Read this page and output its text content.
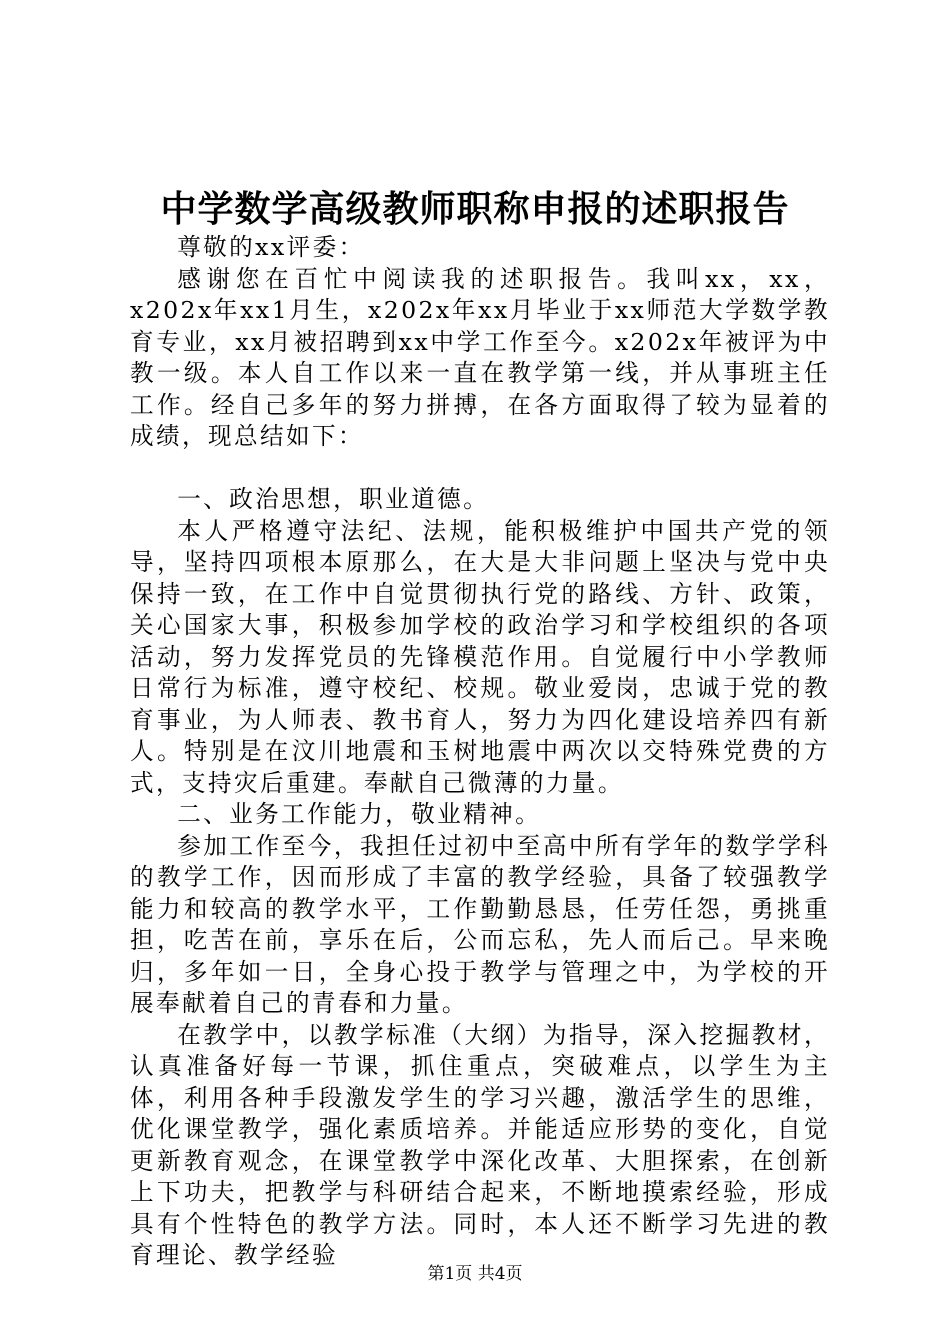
中学数学高级教师职称申报的述职报告

尊敬的xx评委：

感谢您在百忙中阅读我的述职报告。我叫xx，xx，x202x年xx1月生，x202x年xx月毕业于xx师范大学数学教育专业，xx月被招聘到xx中学工作至今。x202x年被评为中教一级。本人自工作以来一直在教学第一线，并从事班主任工作。经自己多年的努力拼搏，在各方面取得了较为显着的成绩，现总结如下：

一、政治思想，职业道德。

本人严格遵守法纪、法规，能积极维护中国共产党的领导，坚持四项根本原那么，在大是大非问题上坚决与党中央保持一致，在工作中自觉贯彻执行党的路线、方针、政策，关心国家大事，积极参加学校的政治学习和学校组织的各项活动，努力发挥党员的先锋模范作用。自觉履行中小学教师日常行为标准，遵守校纪、校规。敬业爱岗，忠诚于党的教育事业，为人师表、教书育人，努力为四化建设培养四有新人。特别是在汶川地震和玉树地震中两次以交特殊党费的方式，支持灾后重建。奉献自己微薄的力量。

二、业务工作能力，敬业精神。

参加工作至今，我担任过初中至高中所有学年的数学学科的教学工作，因而形成了丰富的教学经验，具备了较强教学能力和较高的教学水平，工作勤勤恳恳，任劳任怨，勇挑重担，吃苦在前，享乐在后，公而忘私，先人而后己。早来晚归，多年如一日，全身心投于教学与管理之中，为学校的开展奉献着自己的青春和力量。

在教学中，以教学标准（大纲）为指导，深入挖掘教材，认真准备好每一节课，抓住重点，突破难点，以学生为主体，利用各种手段激发学生的学习兴趣，激活学生的思维，优化课堂教学，强化素质培养。并能适应形势的变化，自觉更新教育观念，在课堂教学中深化改革、大胆探索，在创新上下功夫，把教学与科研结合起来，不断地摸索经验，形成具有个性特色的教学方法。同时，本人还不断学习先进的教育理论、教学经验

第1页 共4页
